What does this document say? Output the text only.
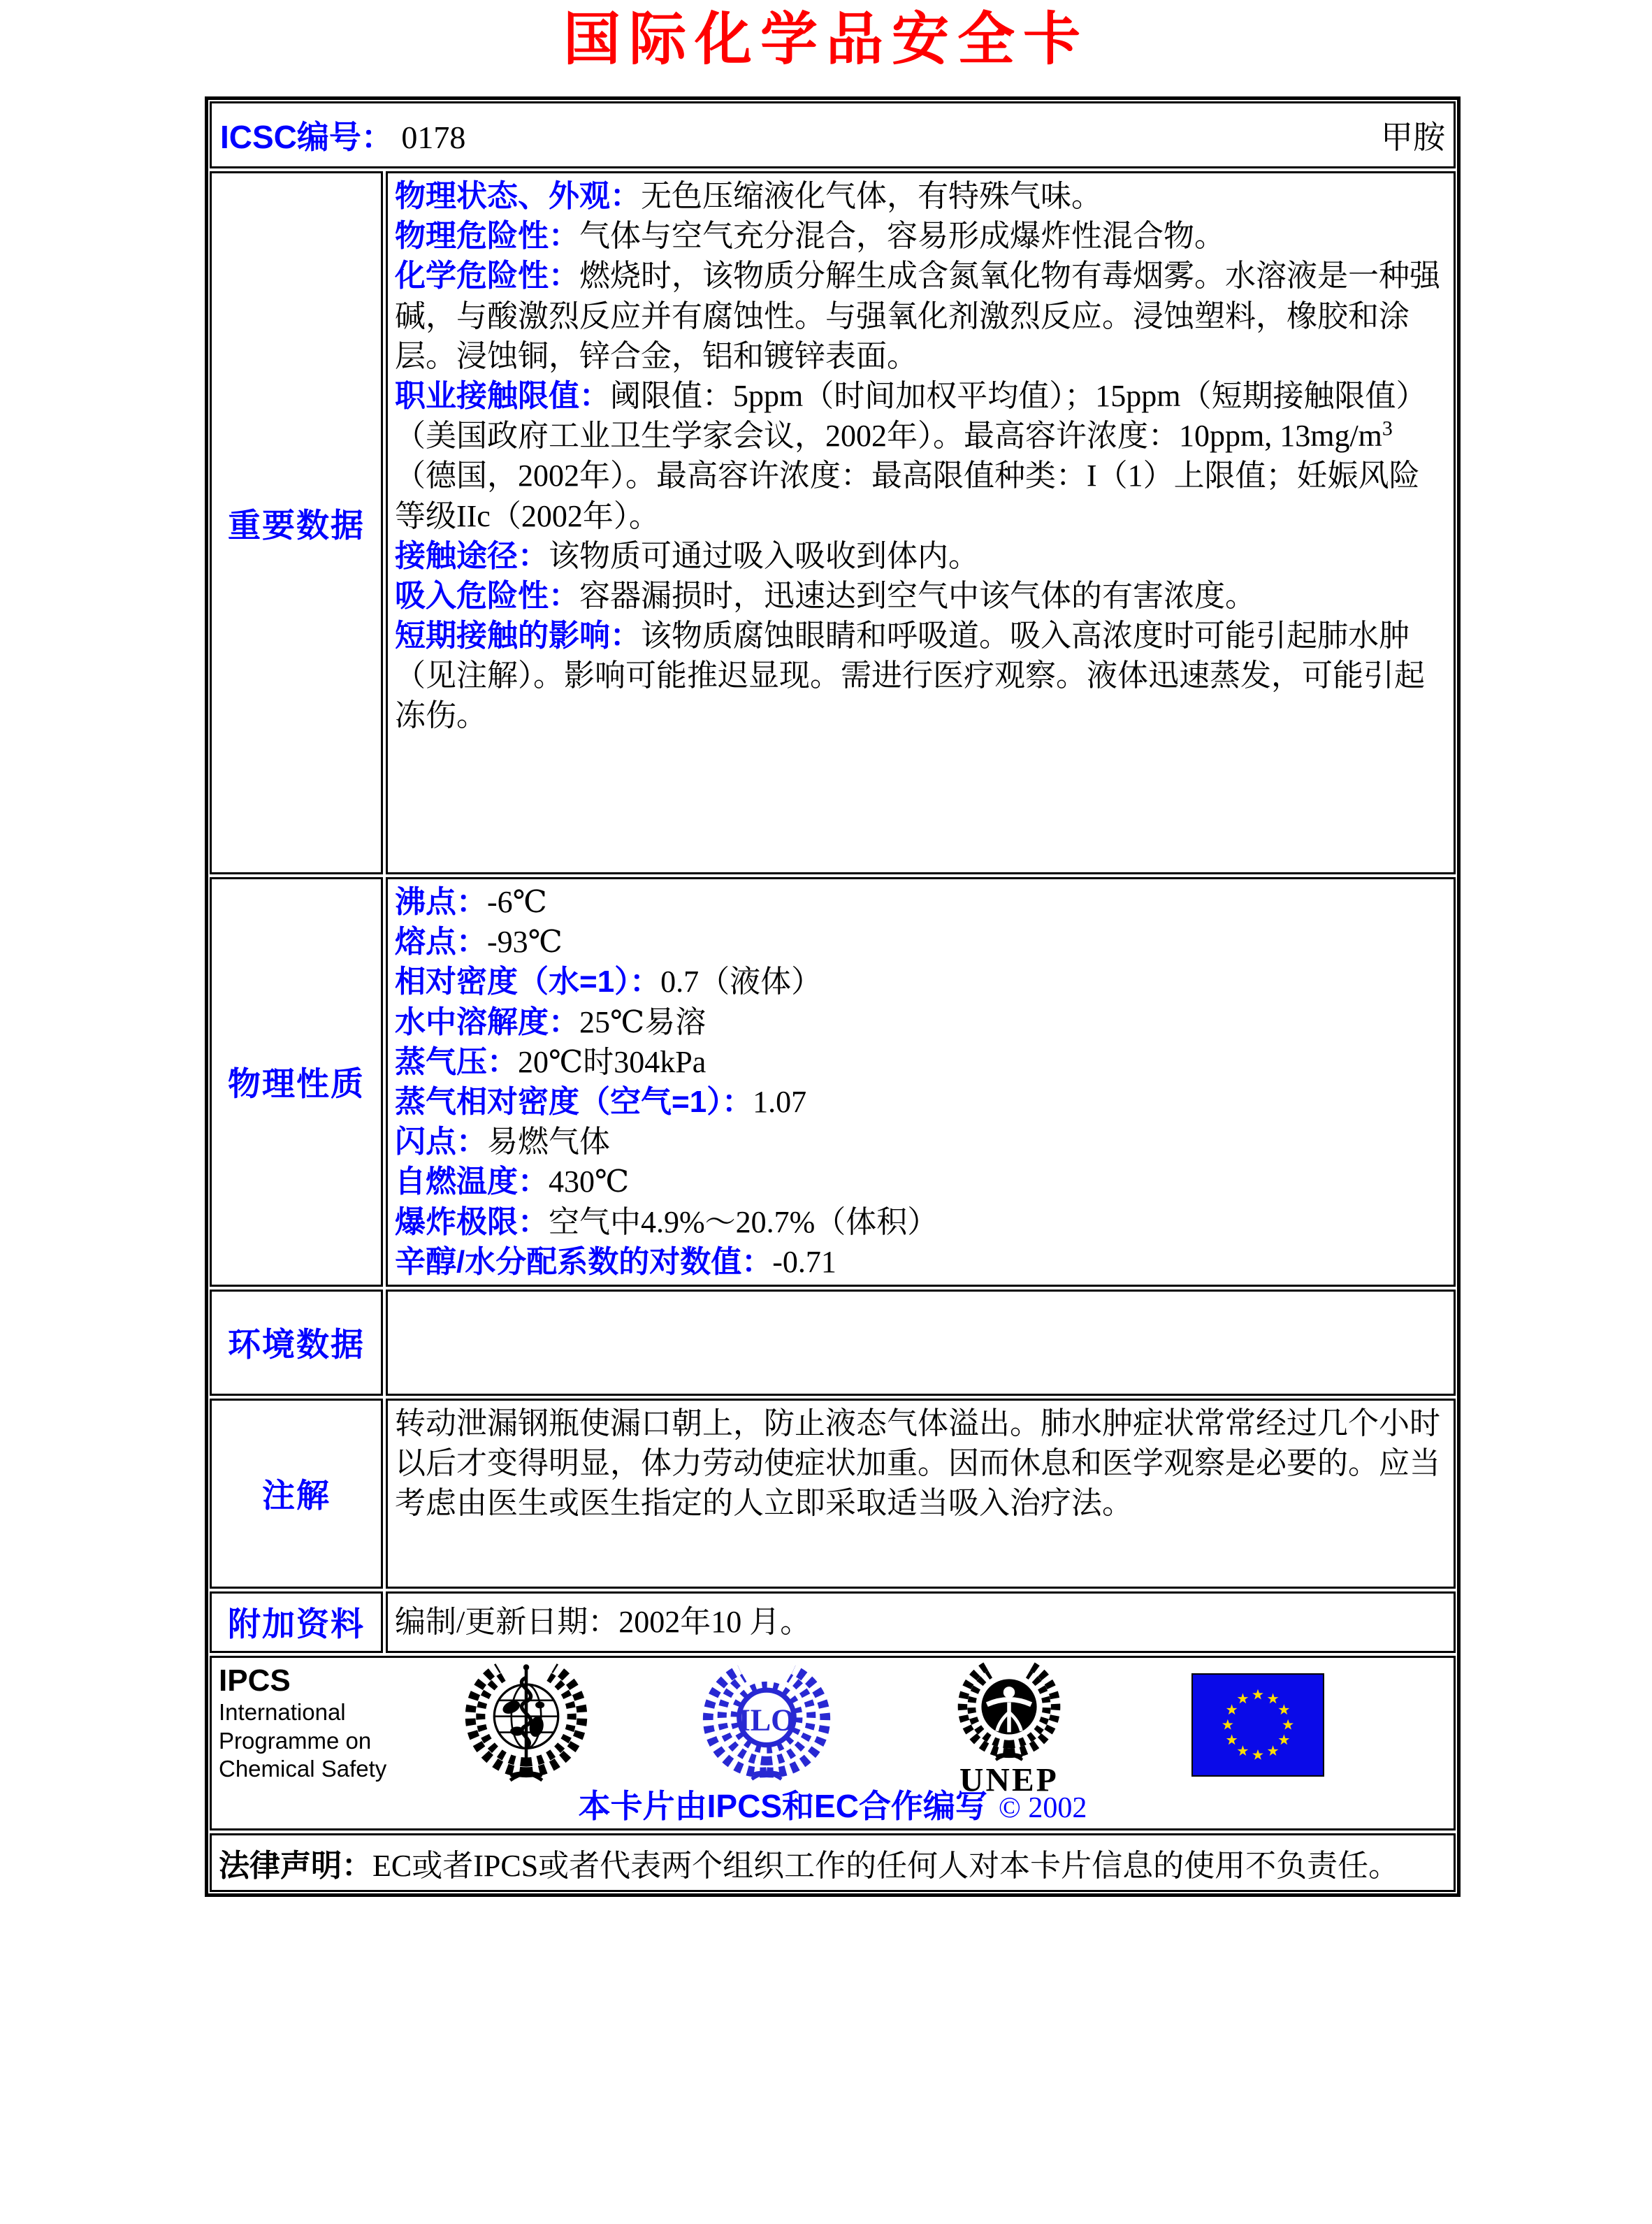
国际化学品安全卡
ICSC编号： 0178	甲胺
重要数据
物理状态、外观：无色压缩液化气体，有特殊气味。
物理危险性：气体与空气充分混合，容易形成爆炸性混合物。
化学危险性：燃烧时，该物质分解生成含氮氧化物有毒烟雾。水溶液是一种强碱，与酸激烈反应并有腐蚀性。与强氧化剂激烈反应。浸蚀塑料，橡胶和涂层。浸蚀铜，锌合金，铝和镀锌表面。
职业接触限值：阈限值：5ppm（时间加权平均值）；15ppm（短期接触限值）（美国政府工业卫生学家会议，2002年）。最高容许浓度：10ppm, $13mg/m^3$（德国，2002年）。最高容许浓度：最高限值种类：I（1）上限值；妊娠风险等级IIc（2002年）。
接触途径：该物质可通过吸入吸收到体内。
吸入危险性：容器漏损时，迅速达到空气中该气体的有害浓度。
短期接触的影响：该物质腐蚀眼睛和呼吸道。吸入高浓度时可能引起肺水肿（见注解）。影响可能推迟显现。需进行医疗观察。液体迅速蒸发，可能引起冻伤。
物理性质
沸点：-6℃
熔点：-93℃
相对密度（水=1）：0.7（液体）
水中溶解度：25℃易溶
蒸气压：20℃时304kPa
蒸气相对密度（空气=1）：1.07
闪点：易燃气体
自燃温度：430℃
爆炸极限：空气中4.9%～20.7%（体积）
辛醇/水分配系数的对数值：-0.71
环境数据
注解
转动泄漏钢瓶使漏口朝上，防止液态气体溢出。肺水肿症状常常经过几个小时以后才变得明显，体力劳动使症状加重。因而休息和医学观察是必要的。应当考虑由医生或医生指定的人立即采取适当吸入治疗法。
附加资料 编制/更新日期：2002年10 月。
IPCS
International
Programme on
Chemical Safety
ILO
UNEP
本卡片由IPCS和EC合作编写 © 2002
法律声明：EC或者IPCS或者代表两个组织工作的任何人对本卡片信息的使用不负责任。
